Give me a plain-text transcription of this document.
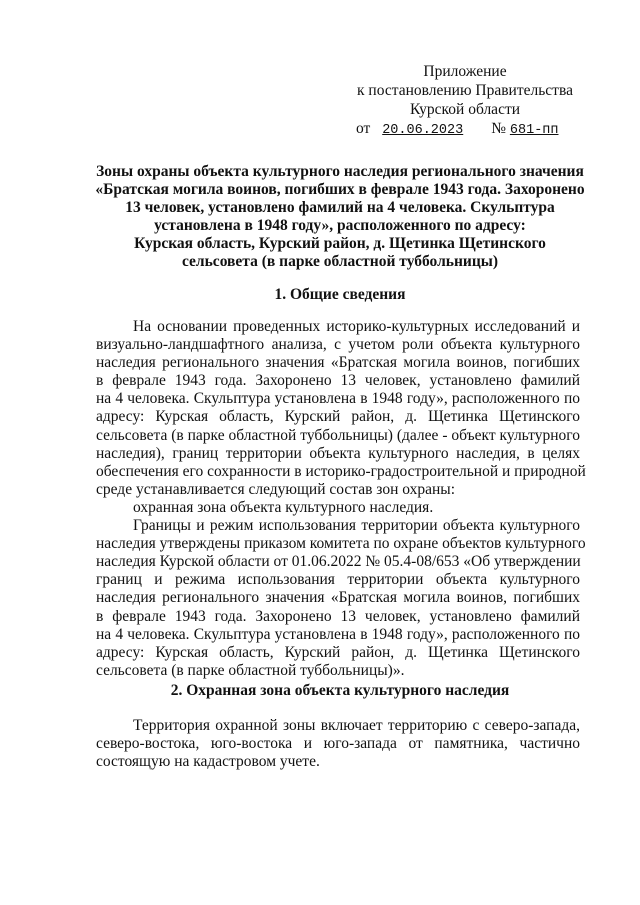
Приложение
к постановлению Правительства
Курской области
от 20.06.2023 № 681-пп
Зоны охраны объекта культурного наследия регионального значения
«Братская могила воинов, погибших в феврале 1943 года. Захоронено
13 человек, установлено фамилий на 4 человека. Скульптура
установлена в 1948 году», расположенного по адресу:
Курская область, Курский район, д. Щетинка Щетинского
сельсовета (в парке областной туббольницы)
1. Общие сведения
На основании проведенных историко-культурных исследований и
визуально-ландшафтного анализа, с учетом роли объекта культурного
наследия регионального значения «Братская могила воинов, погибших
в феврале 1943 года. Захоронено 13 человек, установлено фамилий
на 4 человека. Скульптура установлена в 1948 году», расположенного по
адресу: Курская область, Курский район, д. Щетинка Щетинского
сельсовета (в парке областной туббольницы) (далее - объект культурного
наследия), границ территории объекта культурного наследия, в целях
обеспечения его сохранности в историко-градостроительной и природной
среде устанавливается следующий состав зон охраны:
охранная зона объекта культурного наследия.
Границы и режим использования территории объекта культурного
наследия утверждены приказом комитета по охране объектов культурного
наследия Курской области от 01.06.2022 № 05.4-08/653 «Об утверждении
границ и режима использования территории объекта культурного
наследия регионального значения «Братская могила воинов, погибших
в феврале 1943 года. Захоронено 13 человек, установлено фамилий
на 4 человека. Скульптура установлена в 1948 году», расположенного по
адресу: Курская область, Курский район, д. Щетинка Щетинского
сельсовета (в парке областной туббольницы)».
2. Охранная зона объекта культурного наследия
Территория охранной зоны включает территорию с северо-запада,
северо-востока, юго-востока и юго-запада от памятника, частично
состоящую на кадастровом учете.
